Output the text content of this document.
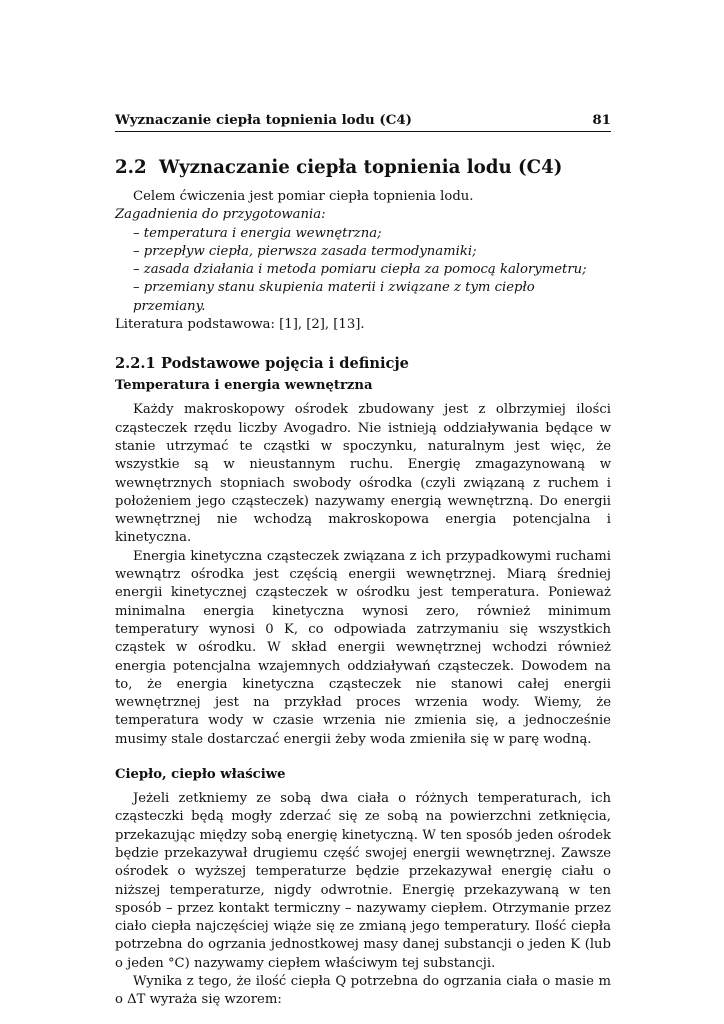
Wyznaczanie ciepła topnienia lodu (C4)	81
2.2 Wyznaczanie ciepła topnienia lodu (C4)

Celem ćwiczenia jest pomiar ciepła topnienia lodu.

Zagadnienia do przygotowania:

– temperatura i energia wewnętrzna;
– przepływ ciepła, pierwsza zasada termodynamiki;
– zasada działania i metoda pomiaru ciepła za pomocą kalorymetru;
– przemiany stanu skupienia materii i związane z tym ciepło przemiany.

Literatura podstawowa: [1], [2], [13].

2.2.1 Podstawowe pojęcia i definicje
Temperatura i energia wewnętrzna

Każdy makroskopowy ośrodek zbudowany jest z olbrzymiej ilości cząsteczek rzędu liczby Avogadro. Nie istnieją oddziaływania będące w stanie utrzymać te cząstki w spoczynku, naturalnym jest więc, że wszystkie są w nieustannym ruchu. Energię zmagazynowaną w wewnętrznych stopniach swobody ośrodka (czyli związaną z ruchem i położeniem jego cząsteczek) nazywamy energią wewnętrzną. Do energii wewnętrznej nie wchodzą makroskopowa energia potencjalna i kinetyczna.

Energia kinetyczna cząsteczek związana z ich przypadkowymi ruchami wewnątrz ośrodka jest częścią energii wewnętrznej. Miarą średniej energii kinetycznej cząsteczek w ośrodku jest temperatura. Ponieważ minimalna energia kinetyczna wynosi zero, również minimum temperatury wynosi 0 K, co odpowiada zatrzymaniu się wszystkich cząstek w ośrodku. W skład energii wewnętrznej wchodzi również energia potencjalna wzajemnych oddziaływań cząsteczek. Dowodem na to, że energia kinetyczna cząsteczek nie stanowi całej energii wewnętrznej jest na przykład proces wrzenia wody. Wiemy, że temperatura wody w czasie wrzenia nie zmienia się, a jednocześnie musimy stale dostarczać energii żeby woda zmieniła się w parę wodną.

Ciepło, ciepło właściwe

Jeżeli zetkniemy ze sobą dwa ciała o różnych temperaturach, ich cząsteczki będą mogły zderzać się ze sobą na powierzchni zetknięcia, przekazując między sobą energię kinetyczną. W ten sposób jeden ośrodek będzie przekazywał drugiemu część swojej energii wewnętrznej. Zawsze ośrodek o wyższej temperaturze będzie przekazywał energię ciału o niższej temperaturze, nigdy odwrotnie. Energię przekazywaną w ten sposób – przez kontakt termiczny – nazywamy ciepłem. Otrzymanie przez ciało ciepła najczęściej wiąże się ze zmianą jego temperatury. Ilość ciepła potrzebna do ogrzania jednostkowej masy danej substancji o jeden K (lub o jeden °C) nazywamy ciepłem właściwym tej substancji.

Wynika z tego, że ilość ciepła Q potrzebna do ogrzania ciała o masie m o ΔT wyraża się wzorem:
